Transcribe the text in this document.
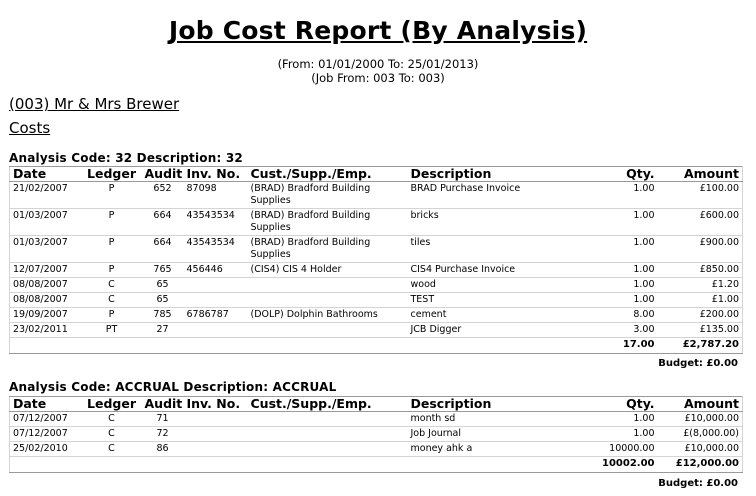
Job Cost Report (By Analysis)
(From: 01/01/2000 To: 25/01/2013)
(Job From: 003 To: 003)
(003) Mr & Mrs Brewer
Costs
Analysis Code: 32 Description: 32
Date	Ledger	Audit	Inv. No.	Cust./Supp./Emp.	Description	Qty.	Amount
21/02/2007	P	652	87098	(BRAD) Bradford Building Supplies	BRAD Purchase Invoice	1.00	£100.00
01/03/2007	P	664	43543534	(BRAD) Bradford Building Supplies	bricks	1.00	£600.00
01/03/2007	P	664	43543534	(BRAD) Bradford Building Supplies	tiles	1.00	£900.00
12/07/2007	P	765	456446	(CIS4) CIS 4 Holder	CIS4 Purchase Invoice	1.00	£850.00
08/08/2007	C	65			wood	1.00	£1.20
08/08/2007	C	65			TEST	1.00	£1.00
19/09/2007	P	785	6786787	(DOLP) Dolphin Bathrooms	cement	8.00	£200.00
23/02/2011	PT	27			JCB Digger	3.00	£135.00
						17.00	£2,787.20
Budget: £0.00
Analysis Code: ACCRUAL Description: ACCRUAL
Date	Ledger	Audit	Inv. No.	Cust./Supp./Emp.	Description	Qty.	Amount
07/12/2007	C	71			month sd	1.00	£10,000.00
07/12/2007	C	72			Job Journal	1.00	£(8,000.00)
25/02/2010	C	86			money ahk a	10000.00	£10,000.00
						10002.00	£12,000.00
Budget: £0.00
